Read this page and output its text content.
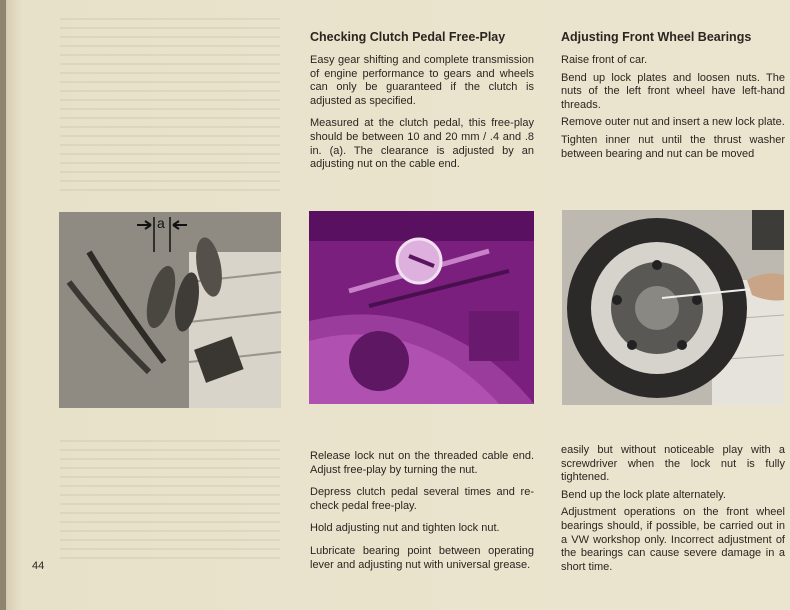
Checking Clutch Pedal Free-Play

Easy gear shifting and complete transmission of engine performance to gears and wheels can only be guaranteed if the clutch is adjusted as specified.

Measured at the clutch pedal, this free-play should be between 10 and 20 mm / .4 and .8 in. (a). The clearance is adjusted by an adjusting nut on the cable end.

Adjusting Front Wheel Bearings

Raise front of car.

Bend up lock plates and loosen nuts. The nuts of the left front wheel have left-hand threads.

Remove outer nut and insert a new lock plate.

Tighten inner nut until the thrust washer between bearing and nut can be moved

a

Release lock nut on the threaded cable end. Adjust free-play by turning the nut.

Depress clutch pedal several times and re-check pedal free-play.

Hold adjusting nut and tighten lock nut.

Lubricate bearing point between operating lever and adjusting nut with universal grease.

easily but without noticeable play with a screwdriver when the lock nut is fully tightened.

Bend up the lock plate alternately.

Adjustment operations on the front wheel bearings should, if possible, be carried out in a VW workshop only. Incorrect adjustment of the bearings can cause severe damage in a short time.

44
